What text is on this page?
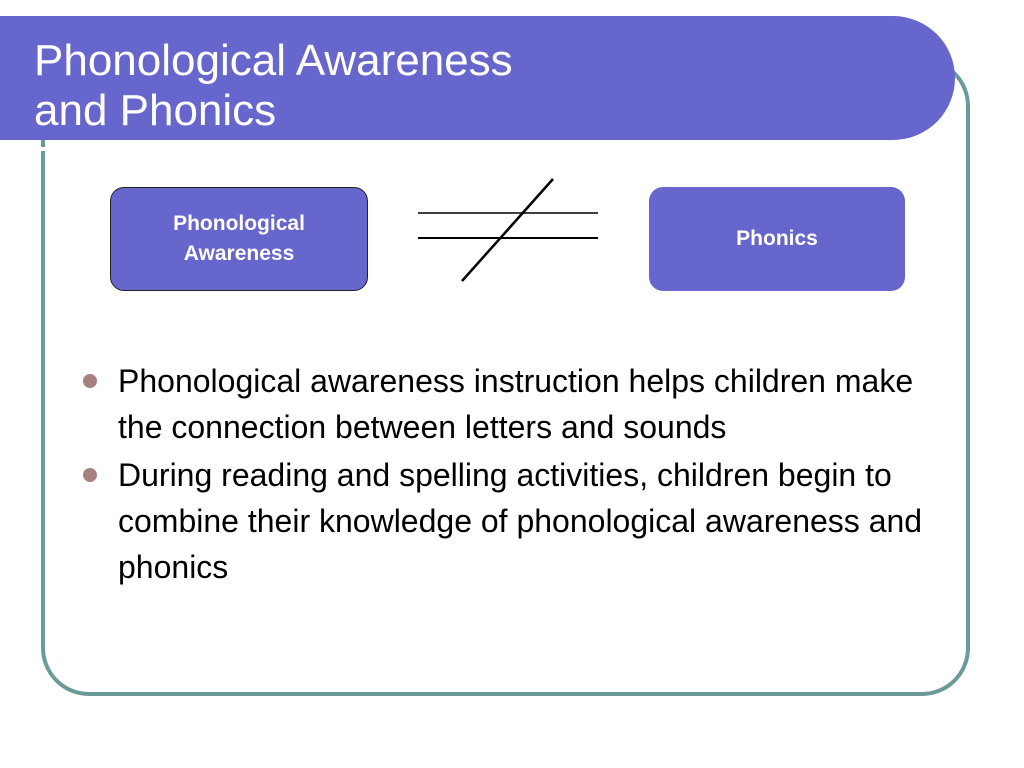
Phonological Awareness
and Phonics
Phonological
Awareness
Phonics
Phonological awareness instruction helps children make the connection between letters and sounds
During reading and spelling activities, children begin to combine their knowledge of phonological awareness and phonics
